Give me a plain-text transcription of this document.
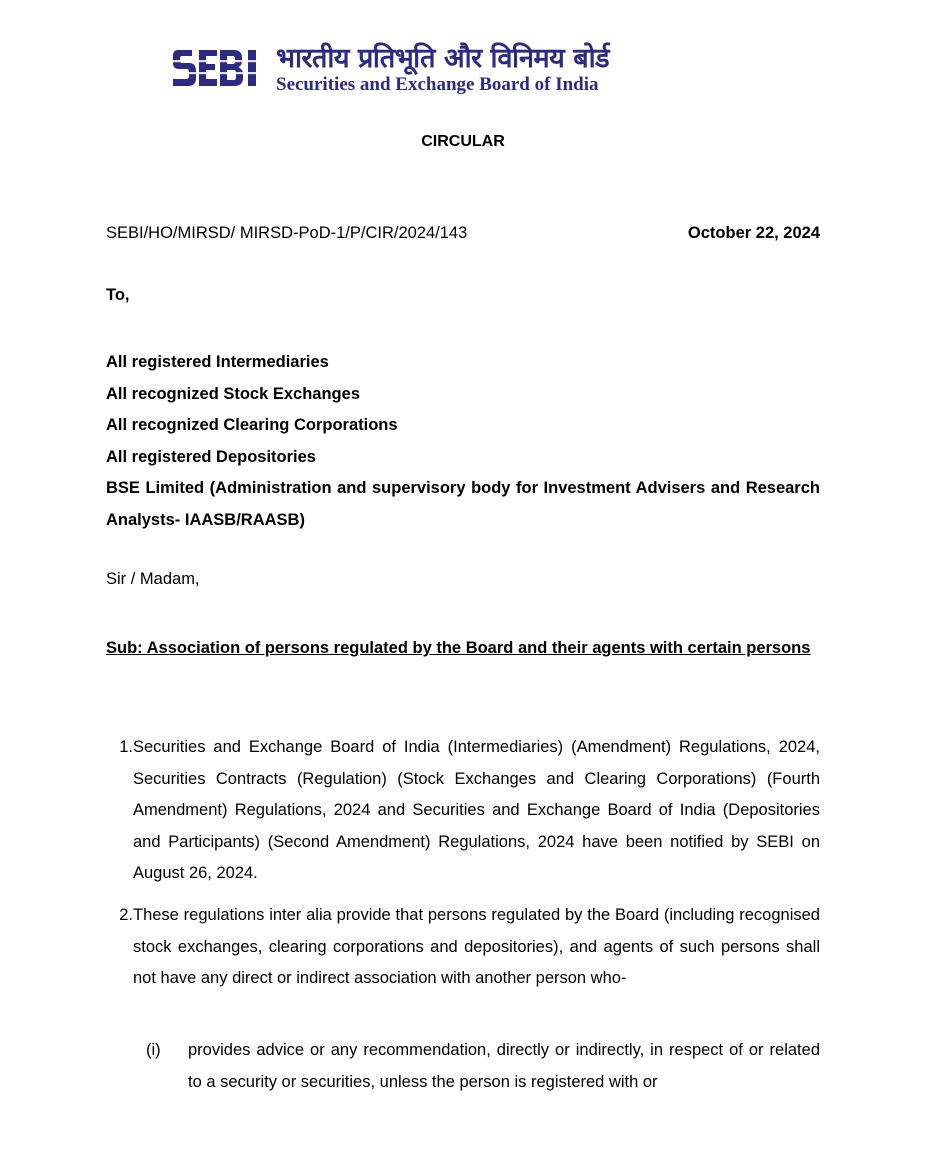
भारतीय प्रतिभूति और विनिमय बोर्ड
Securities and Exchange Board of India
CIRCULAR
SEBI/HO/MIRSD/ MIRSD-PoD-1/P/CIR/2024/143	October 22, 2024
To,
All registered Intermediaries
All recognized Stock Exchanges
All recognized Clearing Corporations
All registered Depositories
BSE Limited (Administration and supervisory body for Investment Advisers and Research Analysts- IAASB/RAASB)
Sir / Madam,
Sub: Association of persons regulated by the Board and their agents with certain persons
1. Securities and Exchange Board of India (Intermediaries) (Amendment) Regulations, 2024, Securities Contracts (Regulation) (Stock Exchanges and Clearing Corporations) (Fourth Amendment) Regulations, 2024 and Securities and Exchange Board of India (Depositories and Participants) (Second Amendment) Regulations, 2024 have been notified by SEBI on August 26, 2024.
2. These regulations inter alia provide that persons regulated by the Board (including recognised stock exchanges, clearing corporations and depositories), and agents of such persons shall not have any direct or indirect association with another person who-
(i) provides advice or any recommendation, directly or indirectly, in respect of or related to a security or securities, unless the person is registered with or
